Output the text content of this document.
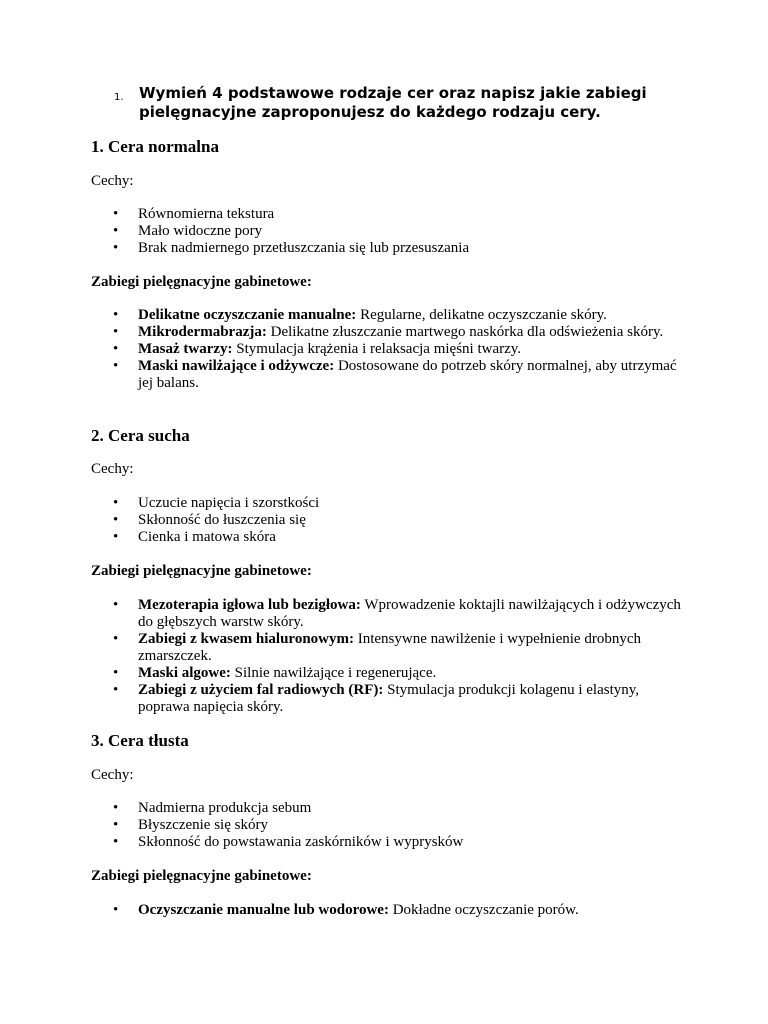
1. Wymień 4 podstawowe rodzaje cer oraz napisz jakie zabiegi
pielęgnacyjne zaproponujesz do każdego rodzaju cery.
1. Cera normalna
Cechy:
• Równomierna tekstura
• Mało widoczne pory
• Brak nadmiernego przetłuszczania się lub przesuszania
Zabiegi pielęgnacyjne gabinetowe:
• Delikatne oczyszczanie manualne: Regularne, delikatne oczyszczanie skóry.
• Mikrodermabrazja: Delikatne złuszczanie martwego naskórka dla odświeżenia skóry.
• Masaż twarzy: Stymulacja krążenia i relaksacja mięśni twarzy.
• Maski nawilżające i odżywcze: Dostosowane do potrzeb skóry normalnej, aby utrzymać jej balans.
2. Cera sucha
Cechy:
• Uczucie napięcia i szorstkości
• Skłonność do łuszczenia się
• Cienka i matowa skóra
Zabiegi pielęgnacyjne gabinetowe:
• Mezoterapia igłowa lub bezigłowa: Wprowadzenie koktajli nawilżających i odżywczych do głębszych warstw skóry.
• Zabiegi z kwasem hialuronowym: Intensywne nawilżenie i wypełnienie drobnych zmarszczek.
• Maski algowe: Silnie nawilżające i regenerujące.
• Zabiegi z użyciem fal radiowych (RF): Stymulacja produkcji kolagenu i elastyny, poprawa napięcia skóry.
3. Cera tłusta
Cechy:
• Nadmierna produkcja sebum
• Błyszczenie się skóry
• Skłonność do powstawania zaskórników i wyprysków
Zabiegi pielęgnacyjne gabinetowe:
• Oczyszczanie manualne lub wodorowe: Dokładne oczyszczanie porów.
